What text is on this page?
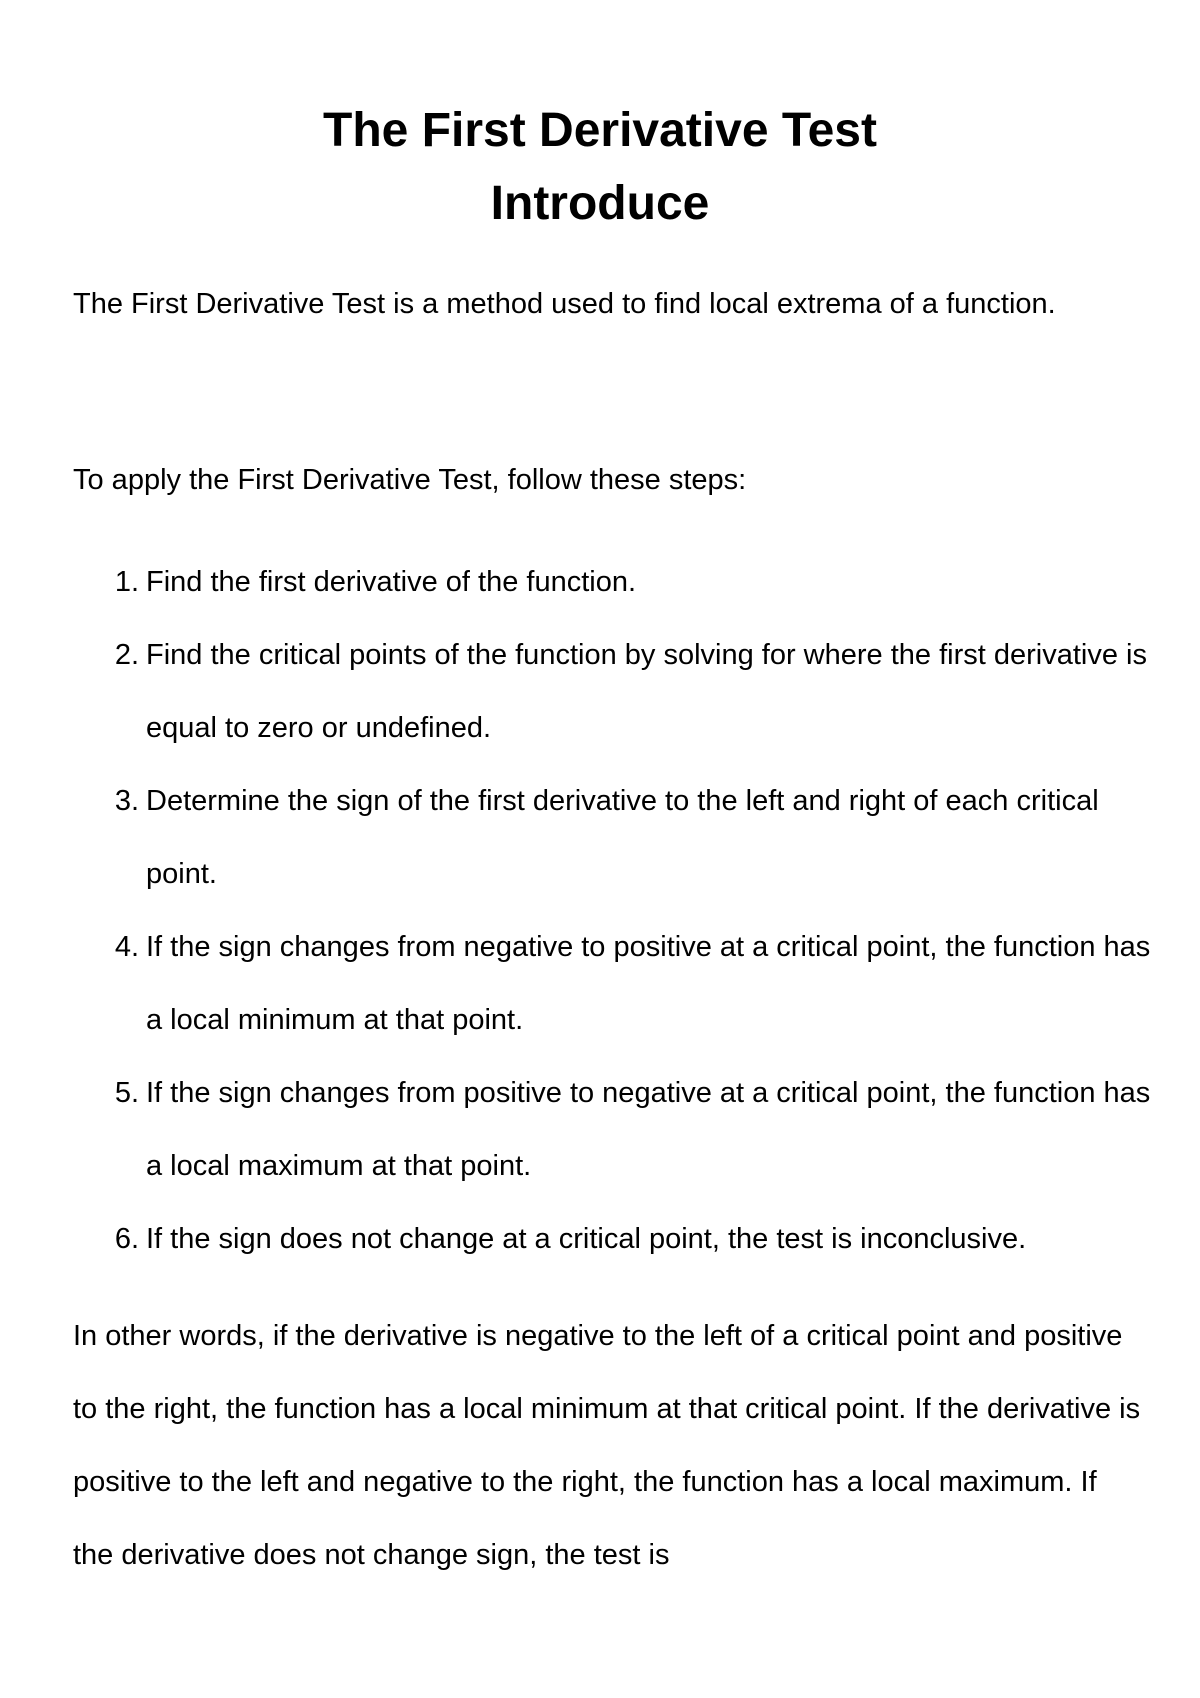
The First Derivative Test
Introduce

The First Derivative Test is a method used to find local extrema of a function.

To apply the First Derivative Test, follow these steps:

1. Find the first derivative of the function.
2. Find the critical points of the function by solving for where the first derivative is equal to zero or undefined.
3. Determine the sign of the first derivative to the left and right of each critical point.
4. If the sign changes from negative to positive at a critical point, the function has a local minimum at that point.
5. If the sign changes from positive to negative at a critical point, the function has a local maximum at that point.
6. If the sign does not change at a critical point, the test is inconclusive.

In other words, if the derivative is negative to the left of a critical point and positive to the right, the function has a local minimum at that critical point. If the derivative is positive to the left and negative to the right, the function has a local maximum. If the derivative does not change sign, the test is
